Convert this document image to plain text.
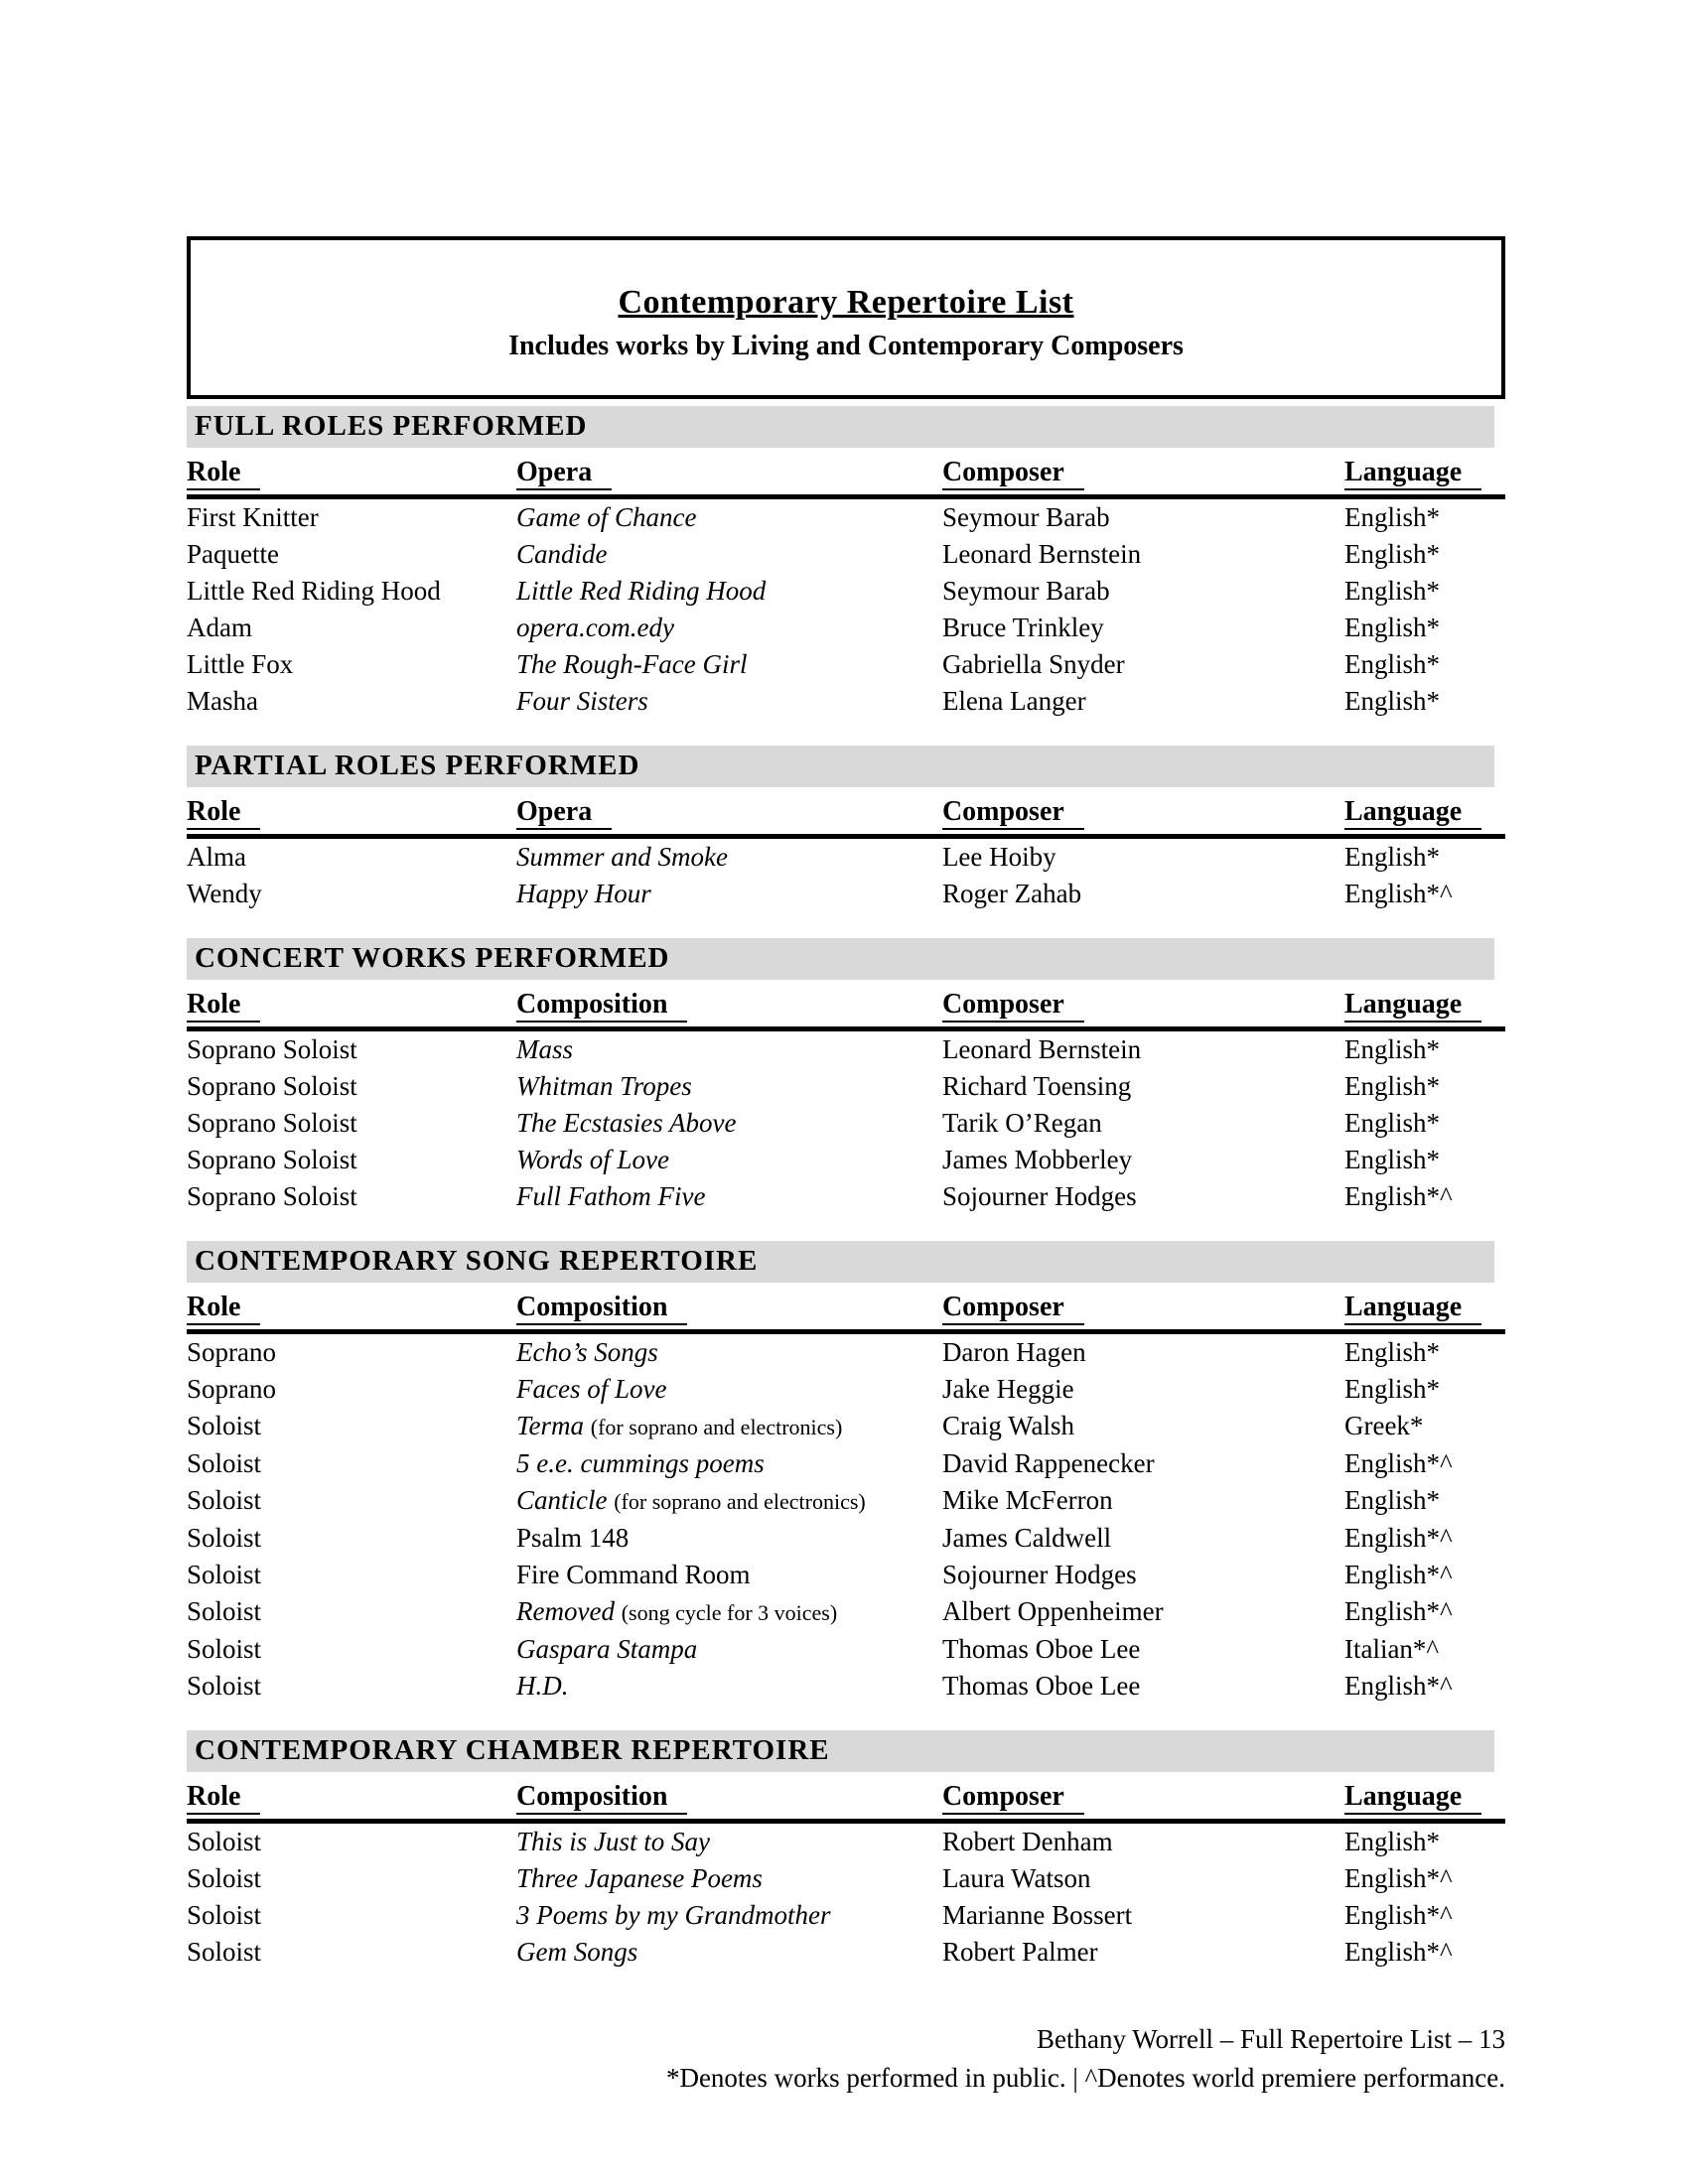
Contemporary Repertoire List
Includes works by Living and Contemporary Composers
FULL ROLES PERFORMED
Role	Opera	Composer	Language
First Knitter	Game of Chance	Seymour Barab	English*
Paquette	Candide	Leonard Bernstein	English*
Little Red Riding Hood	Little Red Riding Hood	Seymour Barab	English*
Adam	opera.com.edy	Bruce Trinkley	English*
Little Fox	The Rough-Face Girl	Gabriella Snyder	English*
Masha	Four Sisters	Elena Langer	English*
PARTIAL ROLES PERFORMED
Role	Opera	Composer	Language
Alma	Summer and Smoke	Lee Hoiby	English*
Wendy	Happy Hour	Roger Zahab	English*^
CONCERT WORKS PERFORMED
Role	Composition	Composer	Language
Soprano Soloist	Mass	Leonard Bernstein	English*
Soprano Soloist	Whitman Tropes	Richard Toensing	English*
Soprano Soloist	The Ecstasies Above	Tarik O’Regan	English*
Soprano Soloist	Words of Love	James Mobberley	English*
Soprano Soloist	Full Fathom Five	Sojourner Hodges	English*^
CONTEMPORARY SONG REPERTOIRE
Role	Composition	Composer	Language
Soprano	Echo’s Songs	Daron Hagen	English*
Soprano	Faces of Love	Jake Heggie	English*
Soloist	Terma (for soprano and electronics)	Craig Walsh	Greek*
Soloist	5 e.e. cummings poems	David Rappenecker	English*^
Soloist	Canticle (for soprano and electronics)	Mike McFerron	English*
Soloist	Psalm 148	James Caldwell	English*^
Soloist	Fire Command Room	Sojourner Hodges	English*^
Soloist	Removed (song cycle for 3 voices)	Albert Oppenheimer	English*^
Soloist	Gaspara Stampa	Thomas Oboe Lee	Italian*^
Soloist	H.D.	Thomas Oboe Lee	English*^
CONTEMPORARY CHAMBER REPERTOIRE
Role	Composition	Composer	Language
Soloist	This is Just to Say	Robert Denham	English*
Soloist	Three Japanese Poems	Laura Watson	English*^
Soloist	3 Poems by my Grandmother	Marianne Bossert	English*^
Soloist	Gem Songs	Robert Palmer	English*^
Bethany Worrell – Full Repertoire List – 13
*Denotes works performed in public. | ^Denotes world premiere performance.
